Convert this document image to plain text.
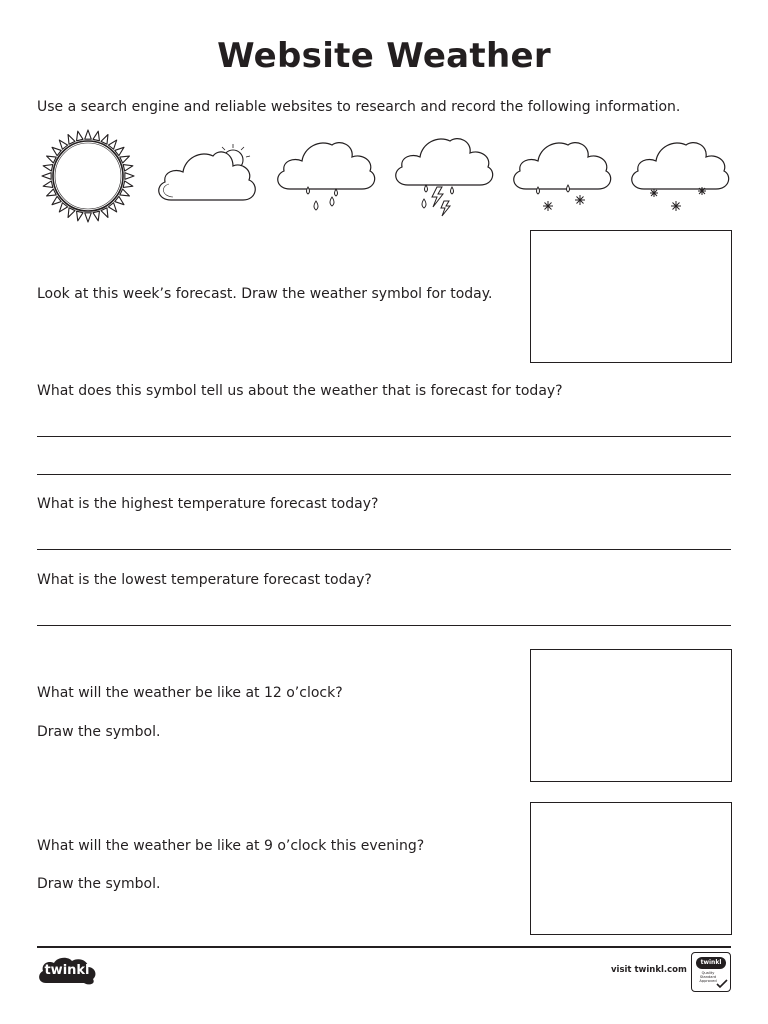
Website Weather
Use a search engine and reliable websites to research and record the following information.
Look at this week’s forecast. Draw the weather symbol for today.
What does this symbol tell us about the weather that is forecast for today?
What is the highest temperature forecast today?
What is the lowest temperature forecast today?
What will the weather be like at 12 o’clock?
Draw the symbol.
What will the weather be like at 9 o’clock this evening?
Draw the symbol.
twinkl	visit twinkl.com
twinkl
Quality Standard Approved
